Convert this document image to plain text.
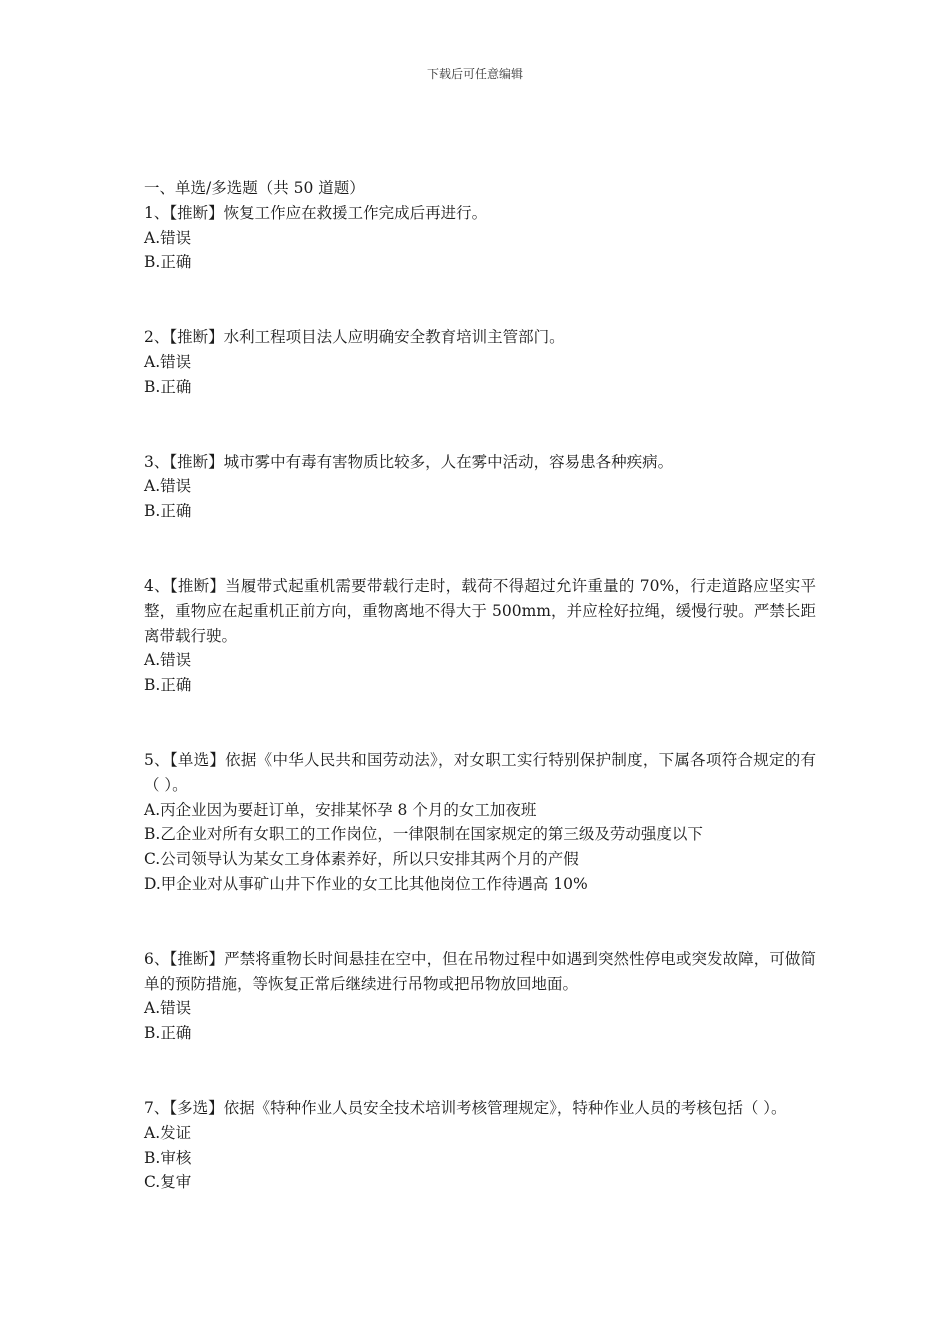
下载后可任意编辑

一、单选/多选题（共 50 道题）

1、【推断】恢复工作应在救援工作完成后再进行。

A.错误
B.正确

2、【推断】水利工程项目法人应明确安全教育培训主管部门。

A.错误
B.正确

3、【推断】城市雾中有毒有害物质比较多，人在雾中活动，容易患各种疾病。

A.错误
B.正确

4、【推断】当履带式起重机需要带载行走时，载荷不得超过允许重量的 70%，行走道路应坚实平整，重物应在起重机正前方向，重物离地不得大于 500mm，并应栓好拉绳，缓慢行驶。严禁长距离带载行驶。

A.错误
B.正确

5、【单选】依据《中华人民共和国劳动法》，对女职工实行特别保护制度，下属各项符合规定的有（ ）。

A.丙企业因为要赶订单，安排某怀孕 8 个月的女工加夜班
B.乙企业对所有女职工的工作岗位，一律限制在国家规定的第三级及劳动强度以下
C.公司领导认为某女工身体素养好，所以只安排其两个月的产假
D.甲企业对从事矿山井下作业的女工比其他岗位工作待遇高 10%

6、【推断】严禁将重物长时间悬挂在空中，但在吊物过程中如遇到突然性停电或突发故障，可做简单的预防措施，等恢复正常后继续进行吊物或把吊物放回地面。

A.错误
B.正确

7、【多选】依据《特种作业人员安全技术培训考核管理规定》，特种作业人员的考核包括（ ）。

A.发证
B.审核
C.复审
